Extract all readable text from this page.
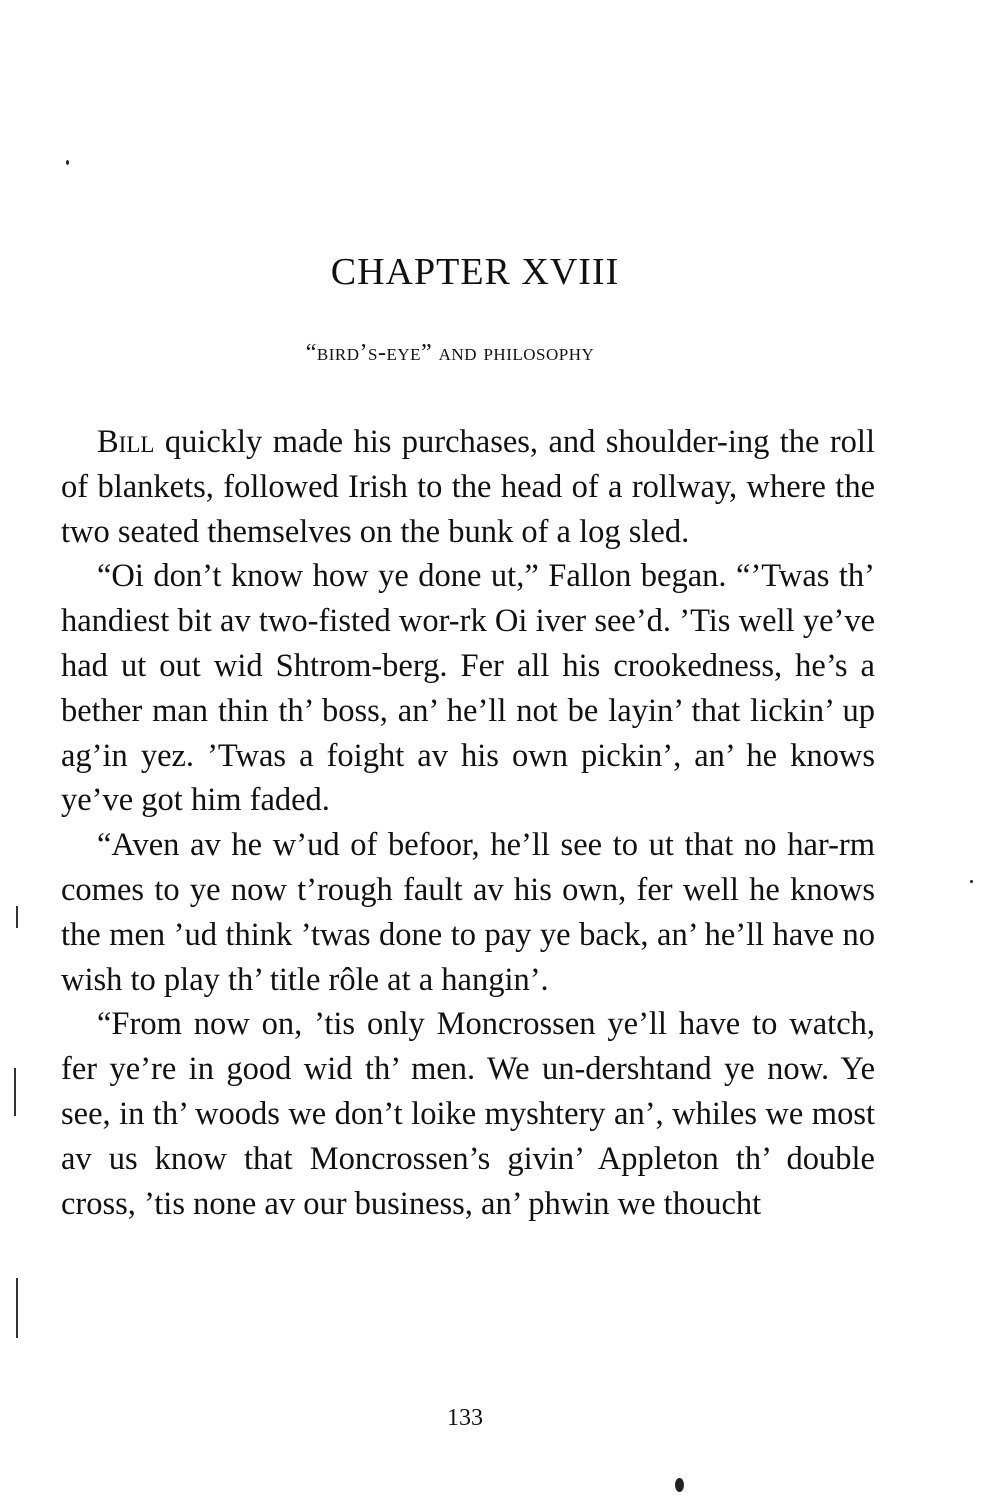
CHAPTER XVIII
“bird’s-eye” and philosophy

Bill quickly made his purchases, and shoulder-ing the roll of blankets, followed Irish to the head of a rollway, where the two seated themselves on the bunk of a log sled.

“Oi don’t know how ye done ut,” Fallon began. “’Twas th’ handiest bit av two-fisted wor-rk Oi iver see’d. ’Tis well ye’ve had ut out wid Shtrom-berg. Fer all his crookedness, he’s a bether man thin th’ boss, an’ he’ll not be layin’ that lickin’ up ag’in yez. ’Twas a foight av his own pickin’, an’ he knows ye’ve got him faded.

“Aven av he w’ud of befoor, he’ll see to ut that no har-rm comes to ye now t’rough fault av his own, fer well he knows the men ’ud think ’twas done to pay ye back, an’ he’ll have no wish to play th’ title rôle at a hangin’.

“From now on, ’tis only Moncrossen ye’ll have to watch, fer ye’re in good wid th’ men. We un-dershtand ye now. Ye see, in th’ woods we don’t loike myshtery an’, whiles we most av us know that Moncrossen’s givin’ Appleton th’ double cross, ’tis none av our business, an’ phwin we thoucht

133
